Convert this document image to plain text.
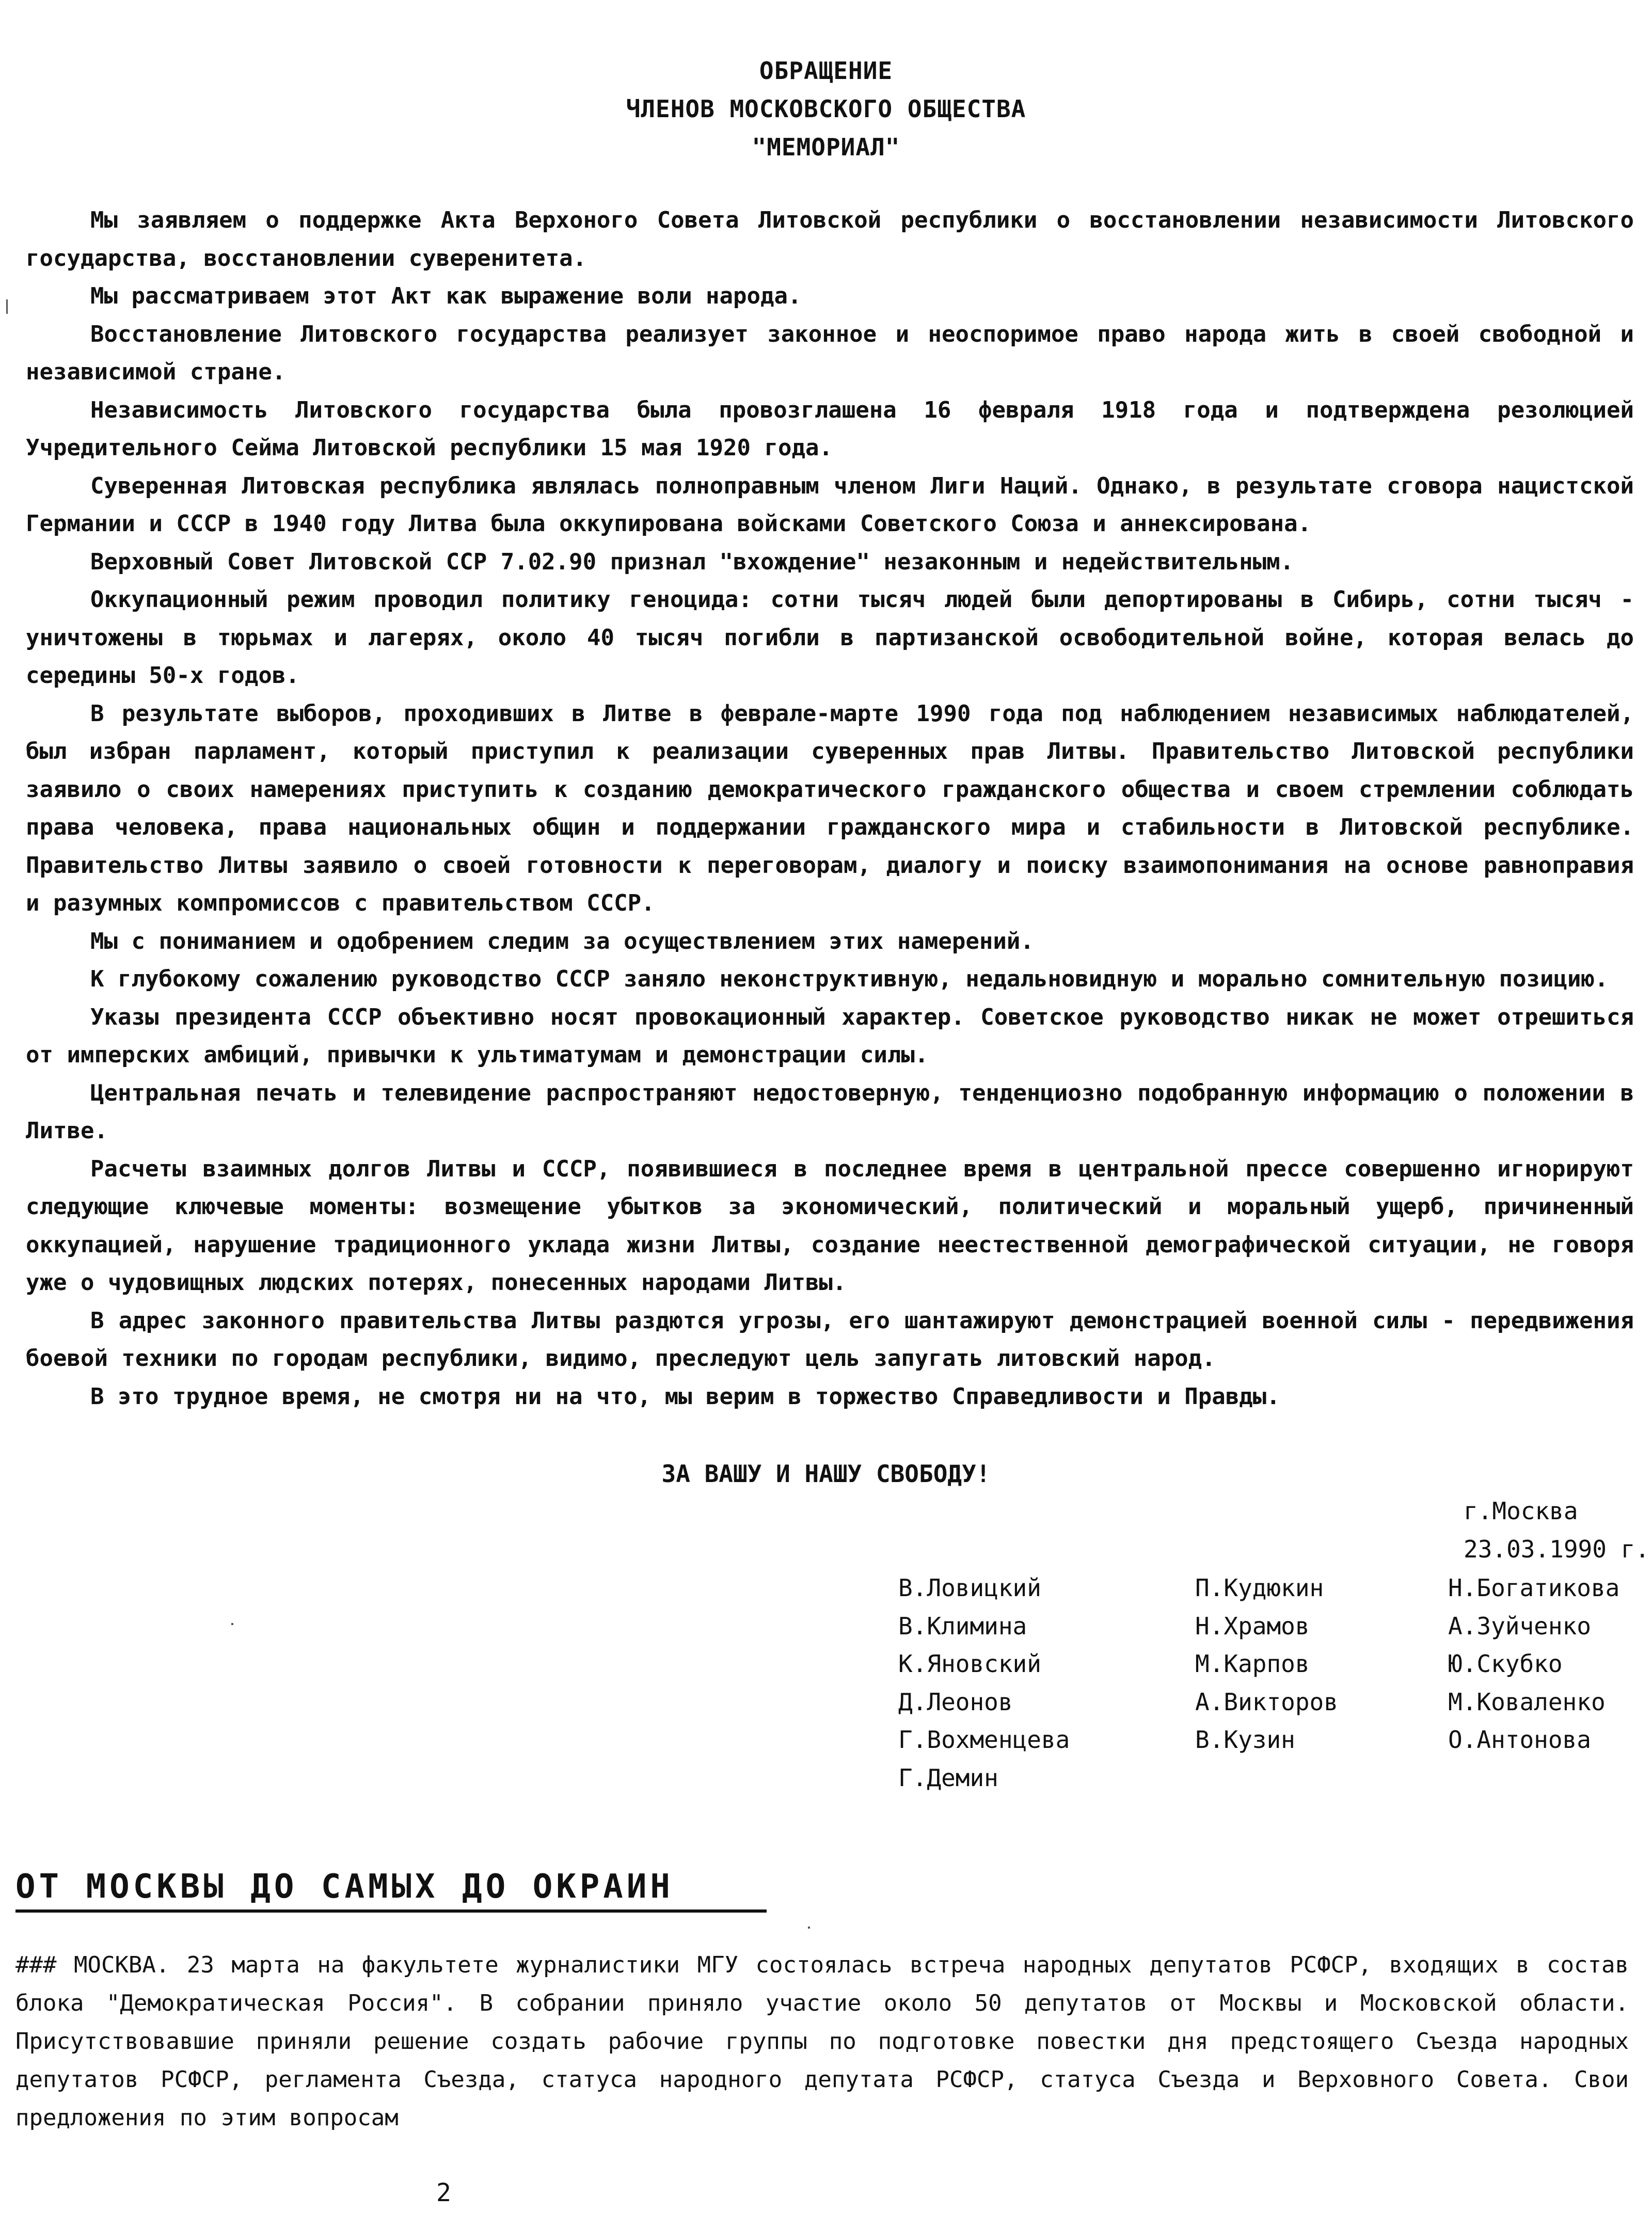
ОБРАЩЕНИЕ
ЧЛЕНОВ МОСКОВСКОГО ОБЩЕСТВА
"МЕМОРИАЛ"

Мы заявляем о поддержке Акта Верхоного Совета Литовской республики о восстановлении независимости Литовского государства, восстановлении суверенитета.

Мы рассматриваем этот Акт как выражение воли народа.

Восстановление Литовского государства реализует законное и неоспоримое право народа жить в своей свободной и независимой стране.

Независимость Литовского государства была провозглашена 16 февраля 1918 года и подтверждена резолюцией Учредительного Сейма Литовской республики 15 мая 1920 года.

Суверенная Литовская республика являлась полноправным членом Лиги Наций. Однако, в результате сговора нацистской Германии и СССР в 1940 году Литва была оккупирована войсками Советского Союза и аннексирована.

Верховный Совет Литовской ССР 7.02.90 признал "вхождение" незаконным и недействительным.

Оккупационный режим проводил политику геноцида: сотни тысяч людей были депортированы в Сибирь, сотни тысяч - уничтожены в тюрьмах и лагерях, около 40 тысяч погибли в партизанской освободительной войне, которая велась до середины 50-х годов.

В результате выборов, проходивших в Литве в феврале-марте 1990 года под наблюдением независимых наблюдателей, был избран парламент, который приступил к реализации суверенных прав Литвы. Правительство Литовской республики заявило о своих намерениях приступить к созданию демократического гражданского общества и своем стремлении соблюдать права человека, права национальных общин и поддержании гражданского мира и стабильности в Литовской республике. Правительство Литвы заявило о своей готовности к переговорам, диалогу и поиску взаимопонимания на основе равноправия и разумных компромиссов с правительством СССР.

Мы с пониманием и одобрением следим за осуществлением этих намерений.

К глубокому сожалению руководство СССР заняло неконструктивную, недальновидную и морально сомнительную позицию.

Указы президента СССР объективно носят провокационный характер. Советское руководство никак не может отрешиться от имперских амбиций, привычки к ультиматумам и демонстрации силы.

Центральная печать и телевидение распространяют недостоверную, тенденциозно подобранную информацию о положении в Литве.

Расчеты взаимных долгов Литвы и СССР, появившиеся в последнее время в центральной прессе совершенно игнорируют следующие ключевые моменты: возмещение убытков за экономический, политический и моральный ущерб, причиненный оккупацией, нарушение традиционного уклада жизни Литвы, создание неестественной демографической ситуации, не говоря уже о чудовищных людских потерях, понесенных народами Литвы.

В адрес законного правительства Литвы раздются угрозы, его шантажируют демонстрацией военной силы - передвижения боевой техники по городам республики, видимо, преследуют цель запугать литовский народ.

В это трудное время, не смотря ни на что, мы верим в торжество Справедливости и Правды.

ЗА ВАШУ И НАШУ СВОБОДУ!
г.Москва
23.03.1990 г.
В.Ловицкий
В.Климина
К.Яновский
Д.Леонов
Г.Вохменцева
Г.Демин
П.Кудюкин
Н.Храмов
М.Карпов
А.Викторов
В.Кузин
Н.Богатикова
А.Зуйченко
Ю.Скубко
М.Коваленко
О.Антонова
ОТ МОСКВЫ ДО САМЫХ ДО ОКРАИН

### МОСКВА. 23 марта на факультете журналистики МГУ состоялась встреча народных депутатов РСФСР, входящих в состав блока "Демократическая Россия". В собрании приняло участие около 50 депутатов от Москвы и Московской области. Присутствовавшие приняли решение создать рабочие группы по подготовке повестки дня предстоящего Съезда народных депутатов РСФСР, регламента Съезда, статуса народного депутата РСФСР, статуса Съезда и Верховного Совета. Свои предложения по этим вопросам

2
